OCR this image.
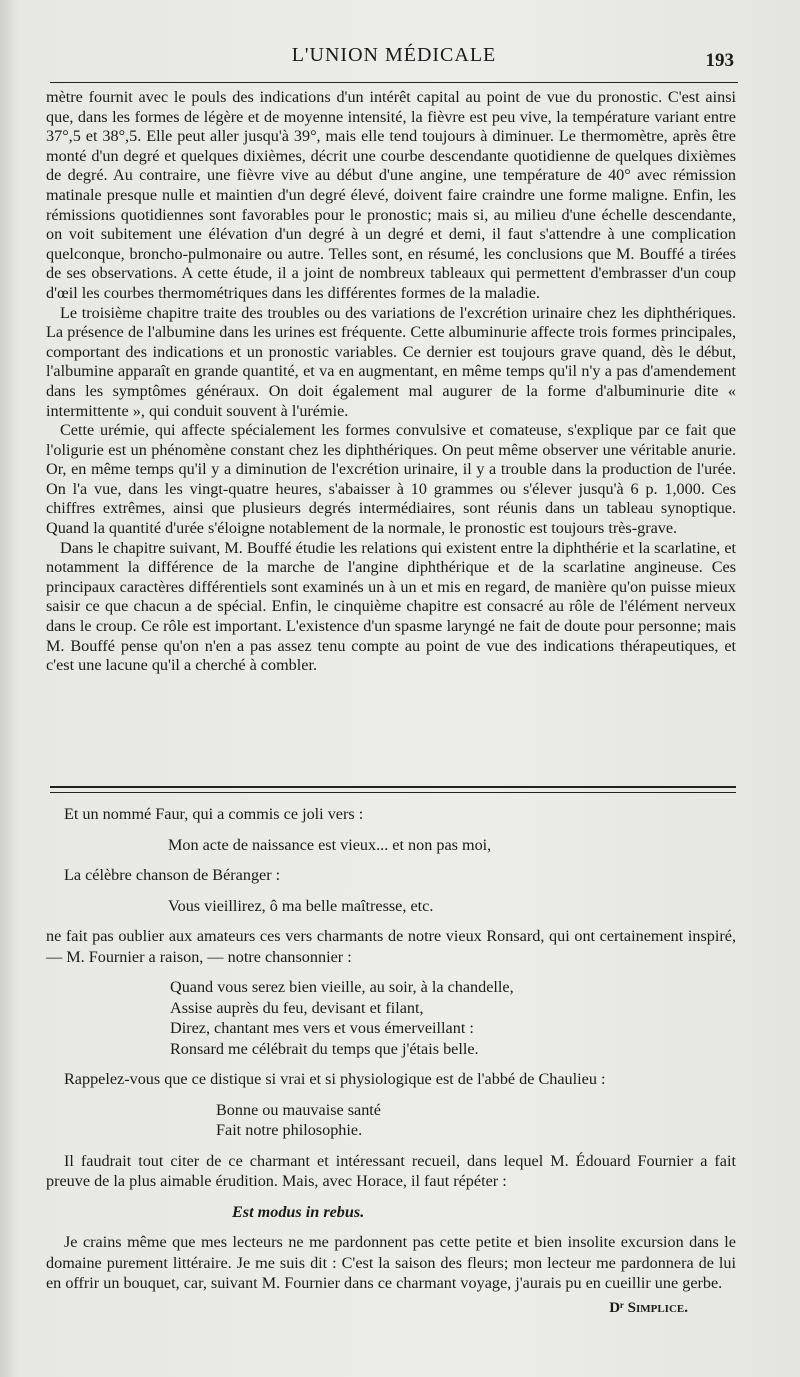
L'UNION MÉDICALE	193

mètre fournit avec le pouls des indications d'un intérêt capital au point de vue du pronostic. C'est ainsi que, dans les formes de légère et de moyenne intensité, la fièvre est peu vive, la température variant entre 37°,5 et 38°,5. Elle peut aller jusqu'à 39°, mais elle tend toujours à diminuer. Le thermomètre, après être monté d'un degré et quelques dixièmes, décrit une courbe descendante quotidienne de quelques dixièmes de degré. Au contraire, une fièvre vive au début d'une angine, une température de 40° avec rémission matinale presque nulle et maintien d'un degré élevé, doivent faire craindre une forme maligne. Enfin, les rémissions quotidiennes sont favorables pour le pronostic; mais si, au milieu d'une échelle descendante, on voit subitement une élévation d'un degré à un degré et demi, il faut s'attendre à une complication quelconque, broncho-pulmonaire ou autre. Telles sont, en résumé, les conclusions que M. Bouffé a tirées de ses observations. A cette étude, il a joint de nombreux tableaux qui permettent d'embrasser d'un coup d'œil les courbes thermométriques dans les différentes formes de la maladie.

Le troisième chapitre traite des troubles ou des variations de l'excrétion urinaire chez les diphthériques. La présence de l'albumine dans les urines est fréquente. Cette albuminurie affecte trois formes principales, comportant des indications et un pronostic variables. Ce dernier est toujours grave quand, dès le début, l'albumine apparaît en grande quantité, et va en augmentant, en même temps qu'il n'y a pas d'amendement dans les symptômes généraux. On doit également mal augurer de la forme d'albuminurie dite « intermittente », qui conduit souvent à l'urémie.

Cette urémie, qui affecte spécialement les formes convulsive et comateuse, s'explique par ce fait que l'oligurie est un phénomène constant chez les diphthériques. On peut même observer une véritable anurie. Or, en même temps qu'il y a diminution de l'excrétion urinaire, il y a trouble dans la production de l'urée. On l'a vue, dans les vingt-quatre heures, s'abaisser à 10 grammes ou s'élever jusqu'à 6 p. 1,000. Ces chiffres extrêmes, ainsi que plusieurs degrés intermédiaires, sont réunis dans un tableau synoptique. Quand la quantité d'urée s'éloigne notablement de la normale, le pronostic est toujours très-grave.

Dans le chapitre suivant, M. Bouffé étudie les relations qui existent entre la diphthérie et la scarlatine, et notamment la différence de la marche de l'angine diphthérique et de la scarlatine angineuse. Ces principaux caractères différentiels sont examinés un à un et mis en regard, de manière qu'on puisse mieux saisir ce que chacun a de spécial. Enfin, le cinquième chapitre est consacré au rôle de l'élément nerveux dans le croup. Ce rôle est important. L'existence d'un spasme laryngé ne fait de doute pour personne; mais M. Bouffé pense qu'on n'en a pas assez tenu compte au point de vue des indications thérapeutiques, et c'est une lacune qu'il a cherché à combler.

Et un nommé Faur, qui a commis ce joli vers :

Mon acte de naissance est vieux... et non pas moi,

La célèbre chanson de Béranger :

Vous vieillirez, ô ma belle maîtresse, etc.

ne fait pas oublier aux amateurs ces vers charmants de notre vieux Ronsard, qui ont certainement inspiré, — M. Fournier a raison, — notre chansonnier :

Quand vous serez bien vieille, au soir, à la chandelle,
Assise auprès du feu, devisant et filant,
Direz, chantant mes vers et vous émerveillant :
Ronsard me célébrait du temps que j'étais belle.

Rappelez-vous que ce distique si vrai et si physiologique est de l'abbé de Chaulieu :

Bonne ou mauvaise santé
Fait notre philosophie.

Il faudrait tout citer de ce charmant et intéressant recueil, dans lequel M. Édouard Fournier a fait preuve de la plus aimable érudition. Mais, avec Horace, il faut répéter :

Est modus in rebus.

Je crains même que mes lecteurs ne me pardonnent pas cette petite et bien insolite excursion dans le domaine purement littéraire. Je me suis dit : C'est la saison des fleurs; mon lecteur me pardonnera de lui en offrir un bouquet, car, suivant M. Fournier dans ce charmant voyage, j'aurais pu en cueillir une gerbe.

Dʳ Simplice.
